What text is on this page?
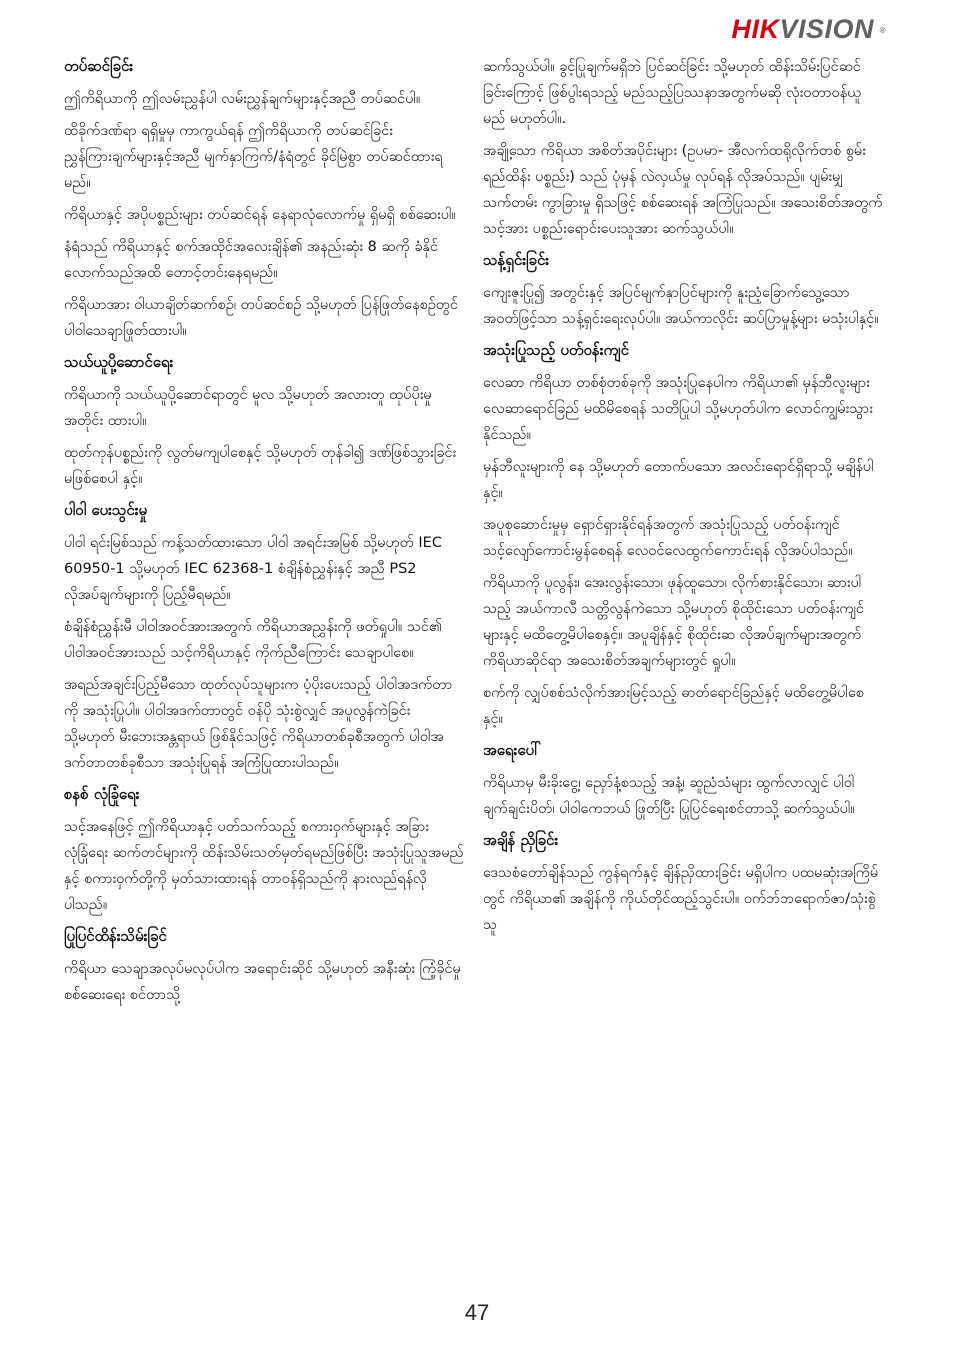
HIKVISION ®
တပ်ဆင်ခြင်း

ဤကိရိယာကို ဤလမ်းညွှန်ပါ လမ်းညွှန်ချက်များနှင့်အညီ တပ်ဆင်ပါ။

ထိခိုက်ဒဏ်ရာ ရရှိမှုမှ ကာကွယ်ရန် ဤကိရိယာကို တပ်ဆင်ခြင်း ညွှန်ကြားချက်များနှင့်အညီ မျက်နှာကြက်/နံရံတွင် ခိုင်မြဲစွာ တပ်ဆင်ထားရမည်။

ကိရိယာနှင့် အပိုပစ္စည်းများ တပ်ဆင်ရန် နေရာလုံလောက်မှု ရှိမရှိ စစ်ဆေးပါ။

နံရံသည် ကိရိယာနှင့် စက်အထိုင်အလေးချိန်၏ အနည်းဆုံး 8 ဆကို ခံနိုင်လောက်သည်အထိ တောင့်တင်းနေရမည်။

ကိရိယာအား ဝါယာချိတ်ဆက်စဉ်၊ တပ်ဆင်စဉ် သို့မဟုတ် ပြန်ဖြုတ်နေစဉ်တွင် ပါဝါသေချာဖြုတ်ထားပါ။

သယ်ယူပို့ဆောင်ရေး

ကိရိယာကို သယ်ယူပို့ဆောင်ရာတွင် မူလ သို့မဟုတ် အလားတူ ထုပ်ပိုးမှုအတိုင်း ထားပါ။

ထုတ်ကုန်ပစ္စည်းကို လွတ်မကျပါစေနှင့် သို့မဟုတ် တုန်ခါ၍ ဒဏ်ဖြစ်သွားခြင်း မဖြစ်စေပါ နှင့်။

ပါဝါ ပေးသွင်းမှု

ပါဝါ ရင်းမြစ်သည် ကန့်သတ်ထားသော ပါဝါ အရင်းအမြစ် သို့မဟုတ် IEC 60950-1 သို့မဟုတ် IEC 62368-1 စံချိန်စံညွှန်းနှင့် အညီ PS2 လိုအပ်ချက်များကို ပြည့်မီရမည်။

စံချိန်စံညွှန်းမီ ပါဝါအဝင်အားအတွက် ကိရိယာအညွှန်းကို ဖတ်ရှုပါ။ သင်၏ ပါဝါအဝင်အားသည် သင့်ကိရိယာနှင့် ကိုက်ညီကြောင်း သေချာပါစေ။

အရည်အချင်းပြည့်မီသော ထုတ်လုပ်သူများက ပံ့ပိုးပေးသည့် ပါဝါအဒက်တာကို အသုံးပြုပါ။ ပါဝါအဒက်တာတွင် ဝန်ပို သုံးစွဲလျှင် အပူလွန်ကဲခြင်း သို့မဟုတ် မီးဘေးအန္တရာယ် ဖြစ်နိုင်သဖြင့် ကိရိယာတစ်ခုစီအတွက် ပါဝါအဒက်တာတစ်ခုစီသာ အသုံးပြုရန် အကြံပြုထားပါသည်။

စနစ် လုံခြုံရေး

သင့်အနေဖြင့် ဤကိရိယာနှင့် ပတ်သက်သည့် စကားဝှက်များနှင့် အခြားလုံခြုံရေး ဆက်တင်များကို ထိန်းသိမ်းသတ်မှတ်ရမည်ဖြစ်ပြီး အသုံးပြုသူအမည်နှင့် စကားဝှက်တို့ကို မှတ်သားထားရန် တာဝန်ရှိသည်ကို နားလည်ရန်လိုပါသည်။

ပြုပြင်ထိန်းသိမ်းခြင်

ကိရိယာ သေချာအလုပ်မလုပ်ပါက အရောင်းဆိုင် သို့မဟုတ် အနီးဆုံး ကြံ့ခိုင်မှုစစ်ဆေးရေး စင်တာသို့

ဆက်သွယ်ပါ။ ခွင့်ပြုချက်မရှိဘဲ ပြင်ဆင်ခြင်း သို့မဟုတ် ထိန်းသိမ်းပြင်ဆင်ခြင်းကြောင့် ဖြစ်ပွါးရသည့် မည်သည့်ပြဿနာအတွက်မဆို လုံးဝတာဝန်ယူမည် မဟုတ်ပါ။.

အချို့သော ကိရိယာ အစိတ်အပိုင်းများ (ဥပမာ- အီလက်ထရိုလိုက်တစ် စွမ်းရည်ထိန်း ပစ္စည်း) သည် ပုံမှန် လဲလှယ်မှု လုပ်ရန် လိုအပ်သည်။ ပျမ်းမျှ သက်တမ်း ကွာခြားမှု ရှိသဖြင့် စစ်ဆေးရန် အကြံပြုသည်။ အသေးစိတ်အတွက် သင့်အား ပစ္စည်းရောင်းပေးသူအား ဆက်သွယ်ပါ။

သန့်ရှင်းခြင်း

ကျေးဇူးပြု၍ အတွင်းနှင့် အပြင်မျက်နှာပြင်များကို နူးညံ့ခြောက်သွေ့သော အဝတ်ဖြင့်သာ သန့်ရှင်းရေးလုပ်ပါ။ အယ်ကာလိုင်း ဆပ်ပြာမှုန့်များ မသုံးပါနှင့်။

အသုံးပြုသည့် ပတ်ဝန်းကျင်

လေဆာ ကိရိယာ တစ်စုံတစ်ခုကို အသုံးပြုနေပါက ကိရိယာ၏ မှန်ဘီလူးများ လေဆာရောင်ခြည် မထိမိစေရန် သတိပြုပါ သို့မဟုတ်ပါက လောင်ကျွမ်းသွားနိုင်သည်။

မှန်ဘီလူးများကို နေ သို့မဟုတ် တောက်ပသော အလင်းရောင်ရှိရာသို့ မချိန်ပါနှင့်။

အပူစုဆောင်းမှုမှ ရှောင်ရှားနိုင်ရန်အတွက် အသုံးပြုသည့် ပတ်ဝန်းကျင် သင့်လျော်ကောင်းမွန်စေရန် လေဝင်လေထွက်ကောင်းရန် လိုအပ်ပါသည်။

ကိရိယာကို ပူလွန်း၊ အေးလွန်းသော၊ ဖုန်ထူသော၊ လိုက်စားနိုင်သော၊ ဆားပါသည့် အယ်ကာလီ သတ္တိလွန်ကဲသော သို့မဟုတ် စိုထိုင်းသော ပတ်ဝန်းကျင်များနှင့် မထိတွေ့မိပါစေနှင့်။ အပူချိန်နှင့် စိုထိုင်းဆ လိုအပ်ချက်များအတွက် ကိရိယာဆိုင်ရာ အသေးစိတ်အချက်များတွင် ရှုပါ။

စက်ကို လျှပ်စစ်သံလိုက်အားမြင့်သည့် ဓာတ်ရောင်ခြည်နှင့် မထိတွေ့မိပါစေနှင့်။

အရေးပေါ်

ကိရိယာမှ မီးခိုးငွေ့၊ ညှော်နံ့စသည့် အနံ့၊ ဆူညံသံများ ထွက်လာလျှင် ပါဝါ ချက်ချင်းပိတ်၊ ပါဝါကေဘယ် ဖြုတ်ပြီး ပြုပြင်ရေးစင်တာသို့ ဆက်သွယ်ပါ။

အချိန် ညှိခြင်း

ဒေသစံတော်ချိန်သည် ကွန်ရက်နှင့် ချိန်ညှိထားခြင်း မရှိပါက ပထမဆုံးအကြိမ်တွင် ကိရိယာ၏ အချိန်ကို ကိုယ်တိုင်ထည့်သွင်းပါ။ ဝက်ဘ်ဘရောက်ဇာ/သုံးစွဲသူ

47
